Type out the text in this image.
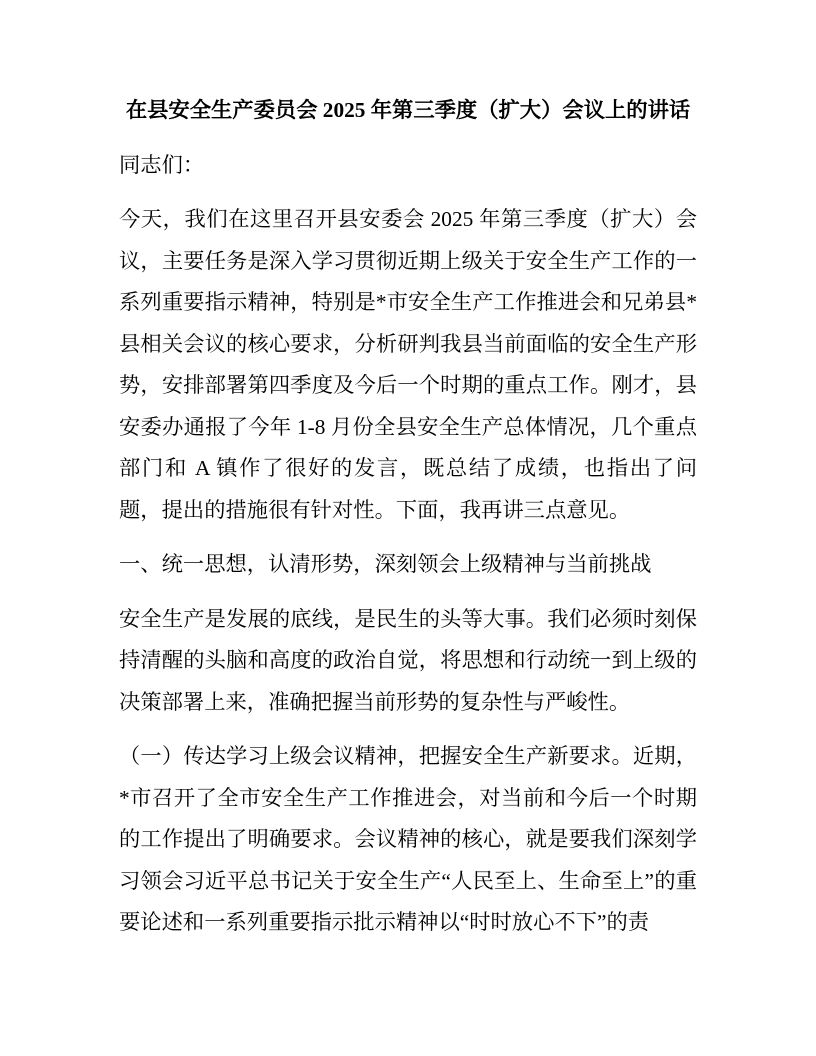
在县安全生产委员会 2025 年第三季度（扩大）会议上的讲话

同志们：

今天，我们在这里召开县安委会 2025 年第三季度（扩大）会议，主要任务是深入学习贯彻近期上级关于安全生产工作的一系列重要指示精神，特别是*市安全生产工作推进会和兄弟县*县相关会议的核心要求，分析研判我县当前面临的安全生产形势，安排部署第四季度及今后一个时期的重点工作。刚才，县安委办通报了今年 1-8 月份全县安全生产总体情况，几个重点部门和 A 镇作了很好的发言，既总结了成绩，也指出了问题，提出的措施很有针对性。下面，我再讲三点意见。

一、统一思想，认清形势，深刻领会上级精神与当前挑战

安全生产是发展的底线，是民生的头等大事。我们必须时刻保持清醒的头脑和高度的政治自觉，将思想和行动统一到上级的决策部署上来，准确把握当前形势的复杂性与严峻性。

（一）传达学习上级会议精神，把握安全生产新要求。近期，*市召开了全市安全生产工作推进会，对当前和今后一个时期的工作提出了明确要求。会议精神的核心，就是要我们深刻学习领会习近平总书记关于安全生产“人民至上、生命至上”的重要论述和一系列重要指示批示精神以“时时放心不下”的责
